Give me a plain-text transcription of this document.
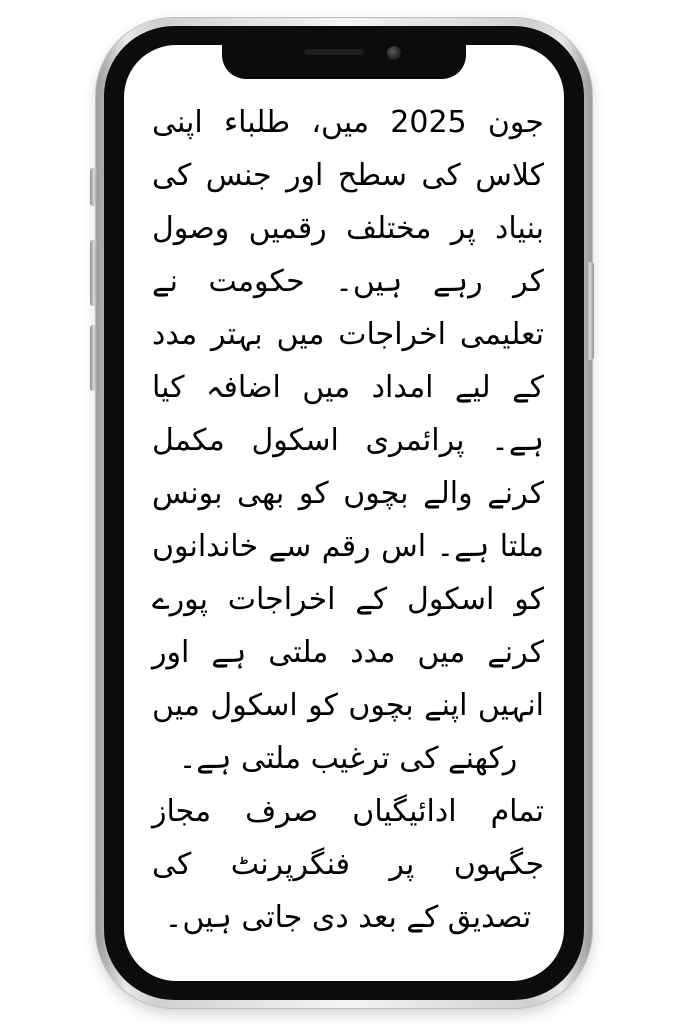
جون 2025 میں، طلباء اپنی کلاس کی سطح اور جنس کی بنیاد پر مختلف رقمیں وصول کر رہے ہیں۔ حکومت نے تعلیمی اخراجات میں بہتر مدد کے لیے امداد میں اضافہ کیا ہے۔ پرائمری اسکول مکمل کرنے والے بچوں کو بھی بونس ملتا ہے۔ اس رقم سے خاندانوں کو اسکول کے اخراجات پورے کرنے میں مدد ملتی ہے اور انہیں اپنے بچوں کو اسکول میں رکھنے کی ترغیب ملتی ہے۔

تمام ادائیگیاں صرف مجاز جگہوں پر فنگرپرنٹ کی تصدیق کے بعد دی جاتی ہیں۔
